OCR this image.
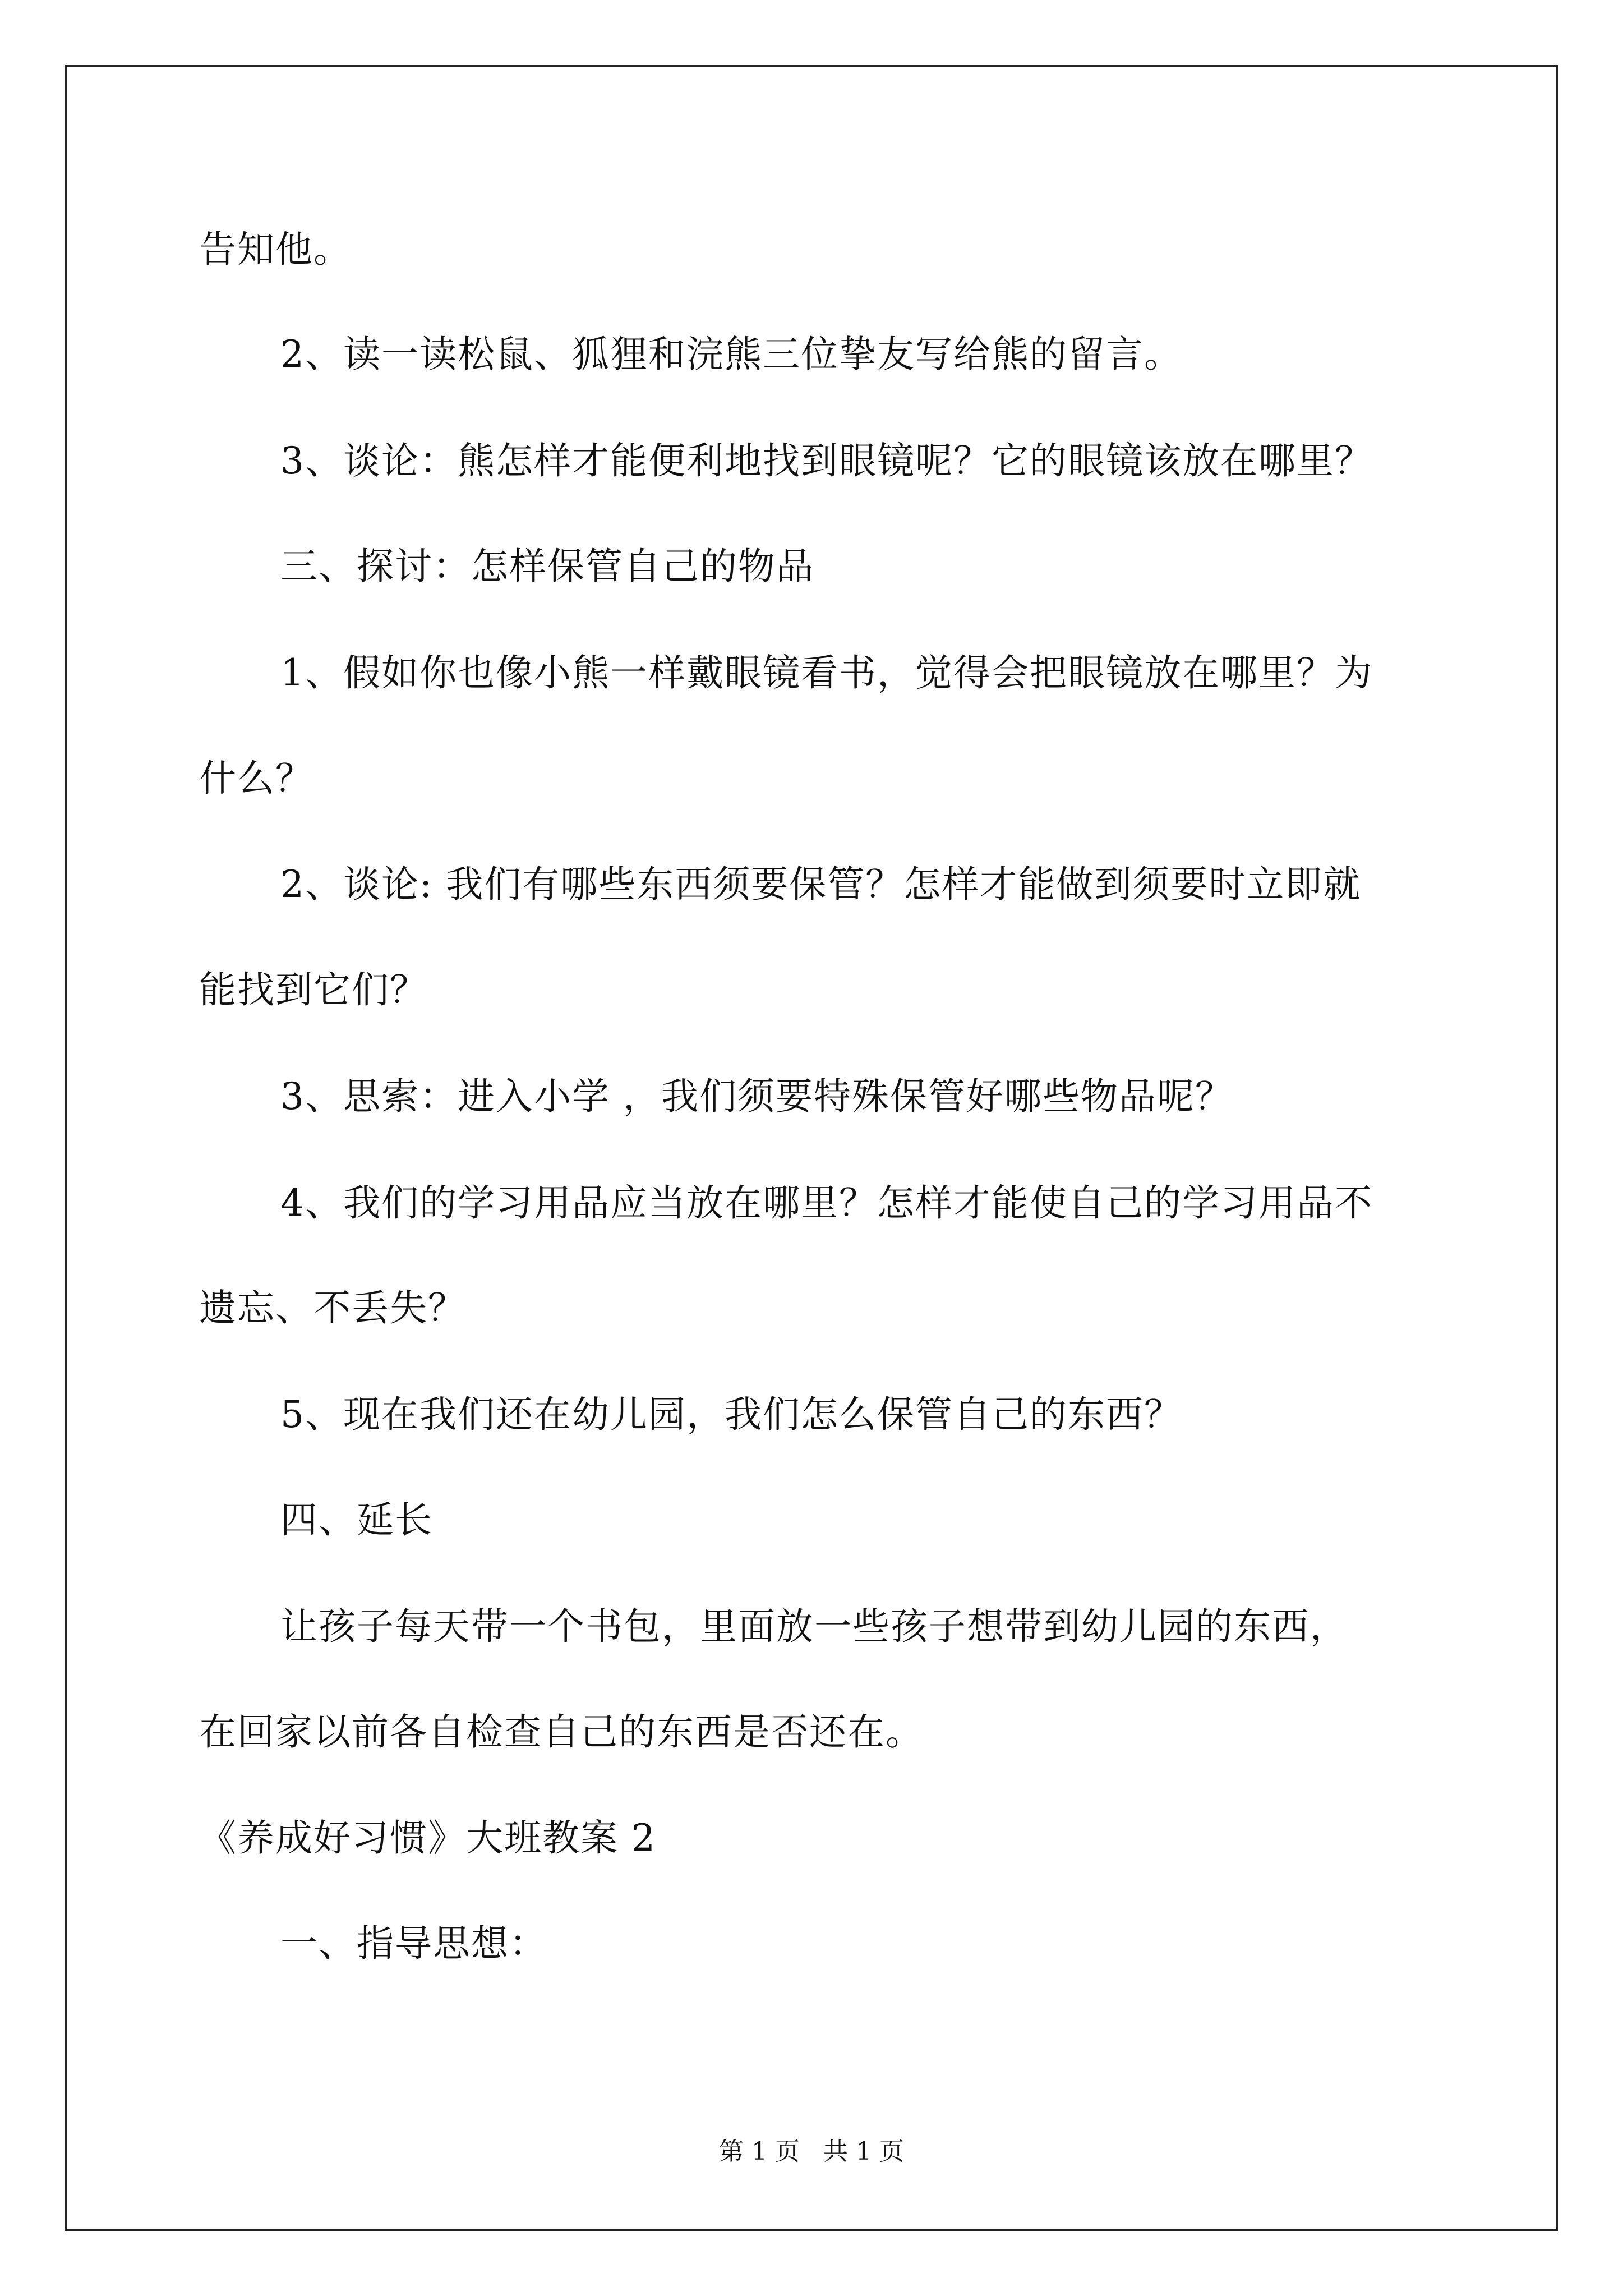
告知他。
2、读一读松鼠、狐狸和浣熊三位挚友写给熊的留言。
3、谈论：熊怎样才能便利地找到眼镜呢？它的眼镜该放在哪里？
三、探讨：怎样保管自己的物品
1、假如你也像小熊一样戴眼镜看书，觉得会把眼镜放在哪里？为
什么？
2、谈论: 我们有哪些东西须要保管？怎样才能做到须要时立即就
能找到它们？
3、思索：进入小学 ，我们须要特殊保管好哪些物品呢？
4、我们的学习用品应当放在哪里？怎样才能使自己的学习用品不
遗忘、不丢失？
5、现在我们还在幼儿园，我们怎么保管自己的东西？
四、延长
让孩子每天带一个书包，里面放一些孩子想带到幼儿园的东西，
在回家以前各自检查自己的东西是否还在。
《养成好习惯》大班教案 2
一、指导思想：
第 1 页   共 1 页
